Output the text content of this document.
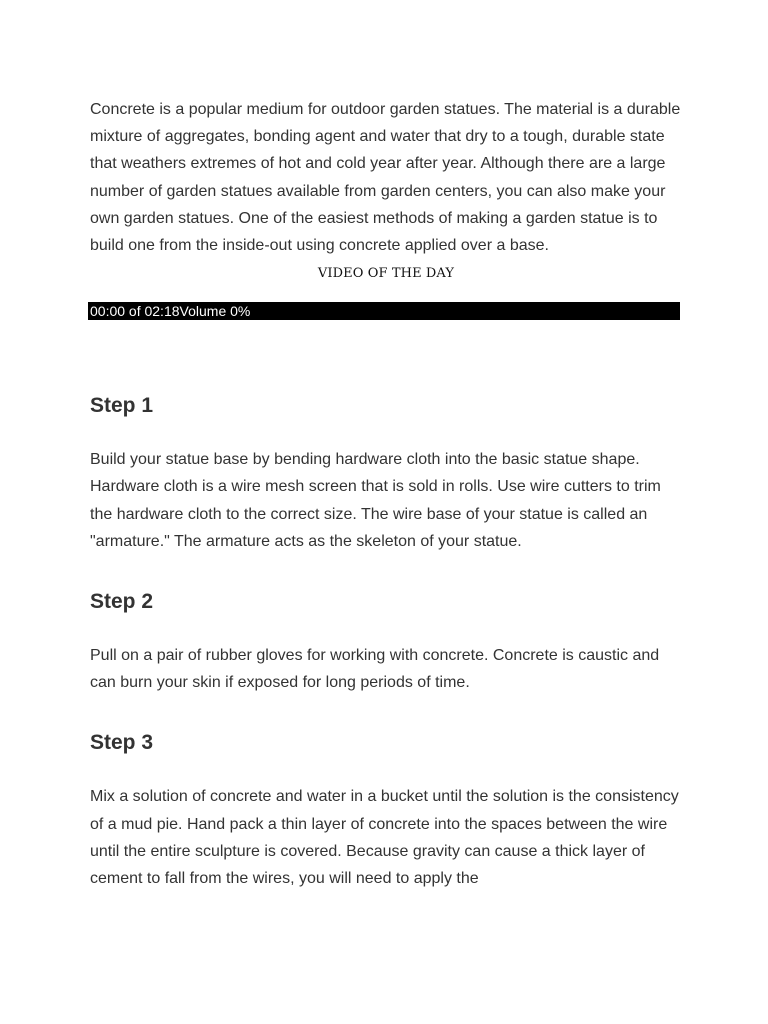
Concrete is a popular medium for outdoor garden statues. The material is a durable mixture of aggregates, bonding agent and water that dry to a tough, durable state that weathers extremes of hot and cold year after year. Although there are a large number of garden statues available from garden centers, you can also make your own garden statues. One of the easiest methods of making a garden statue is to build one from the inside-out using concrete applied over a base.

VIDEO OF THE DAY
00:00 of 02:18Volume 0%
Step 1

Build your statue base by bending hardware cloth into the basic statue shape. Hardware cloth is a wire mesh screen that is sold in rolls. Use wire cutters to trim the hardware cloth to the correct size. The wire base of your statue is called an "armature." The armature acts as the skeleton of your statue.

Step 2

Pull on a pair of rubber gloves for working with concrete. Concrete is caustic and can burn your skin if exposed for long periods of time.

Step 3

Mix a solution of concrete and water in a bucket until the solution is the consistency of a mud pie. Hand pack a thin layer of concrete into the spaces between the wire until the entire sculpture is covered. Because gravity can cause a thick layer of cement to fall from the wires, you will need to apply the
